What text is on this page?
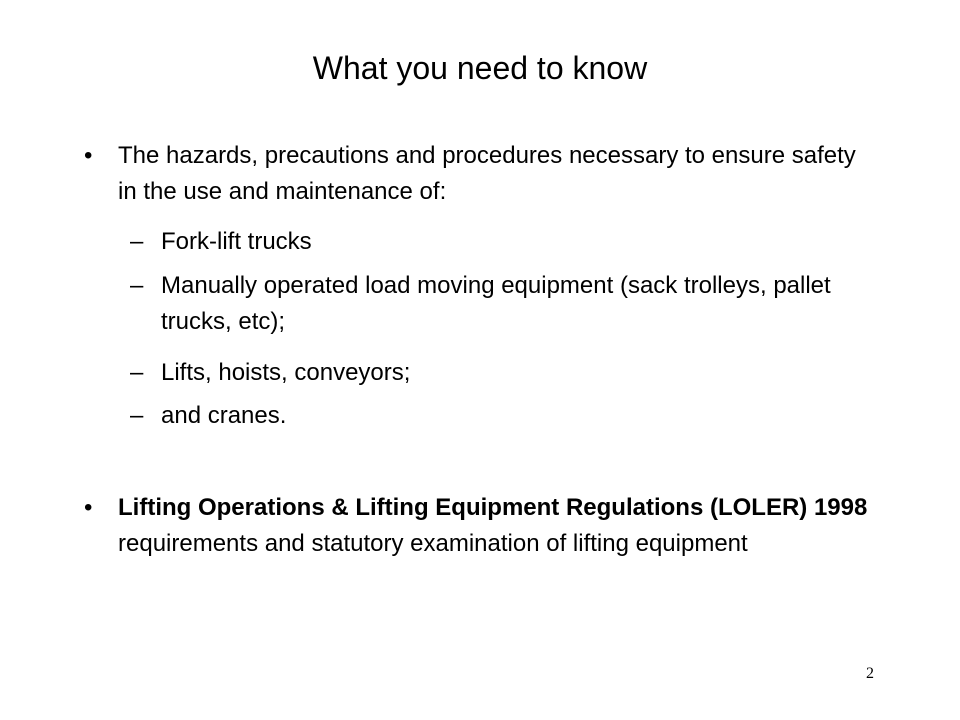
What you need to know
•	The hazards, precautions and procedures necessary to ensure safety in the use and maintenance of:
– Fork-lift trucks
– Manually operated load moving equipment (sack trolleys, pallet trucks, etc);
– Lifts, hoists, conveyors;
– and cranes.
•	Lifting Operations & Lifting Equipment Regulations (LOLER) 1998 requirements and statutory examination of lifting equipment
2
